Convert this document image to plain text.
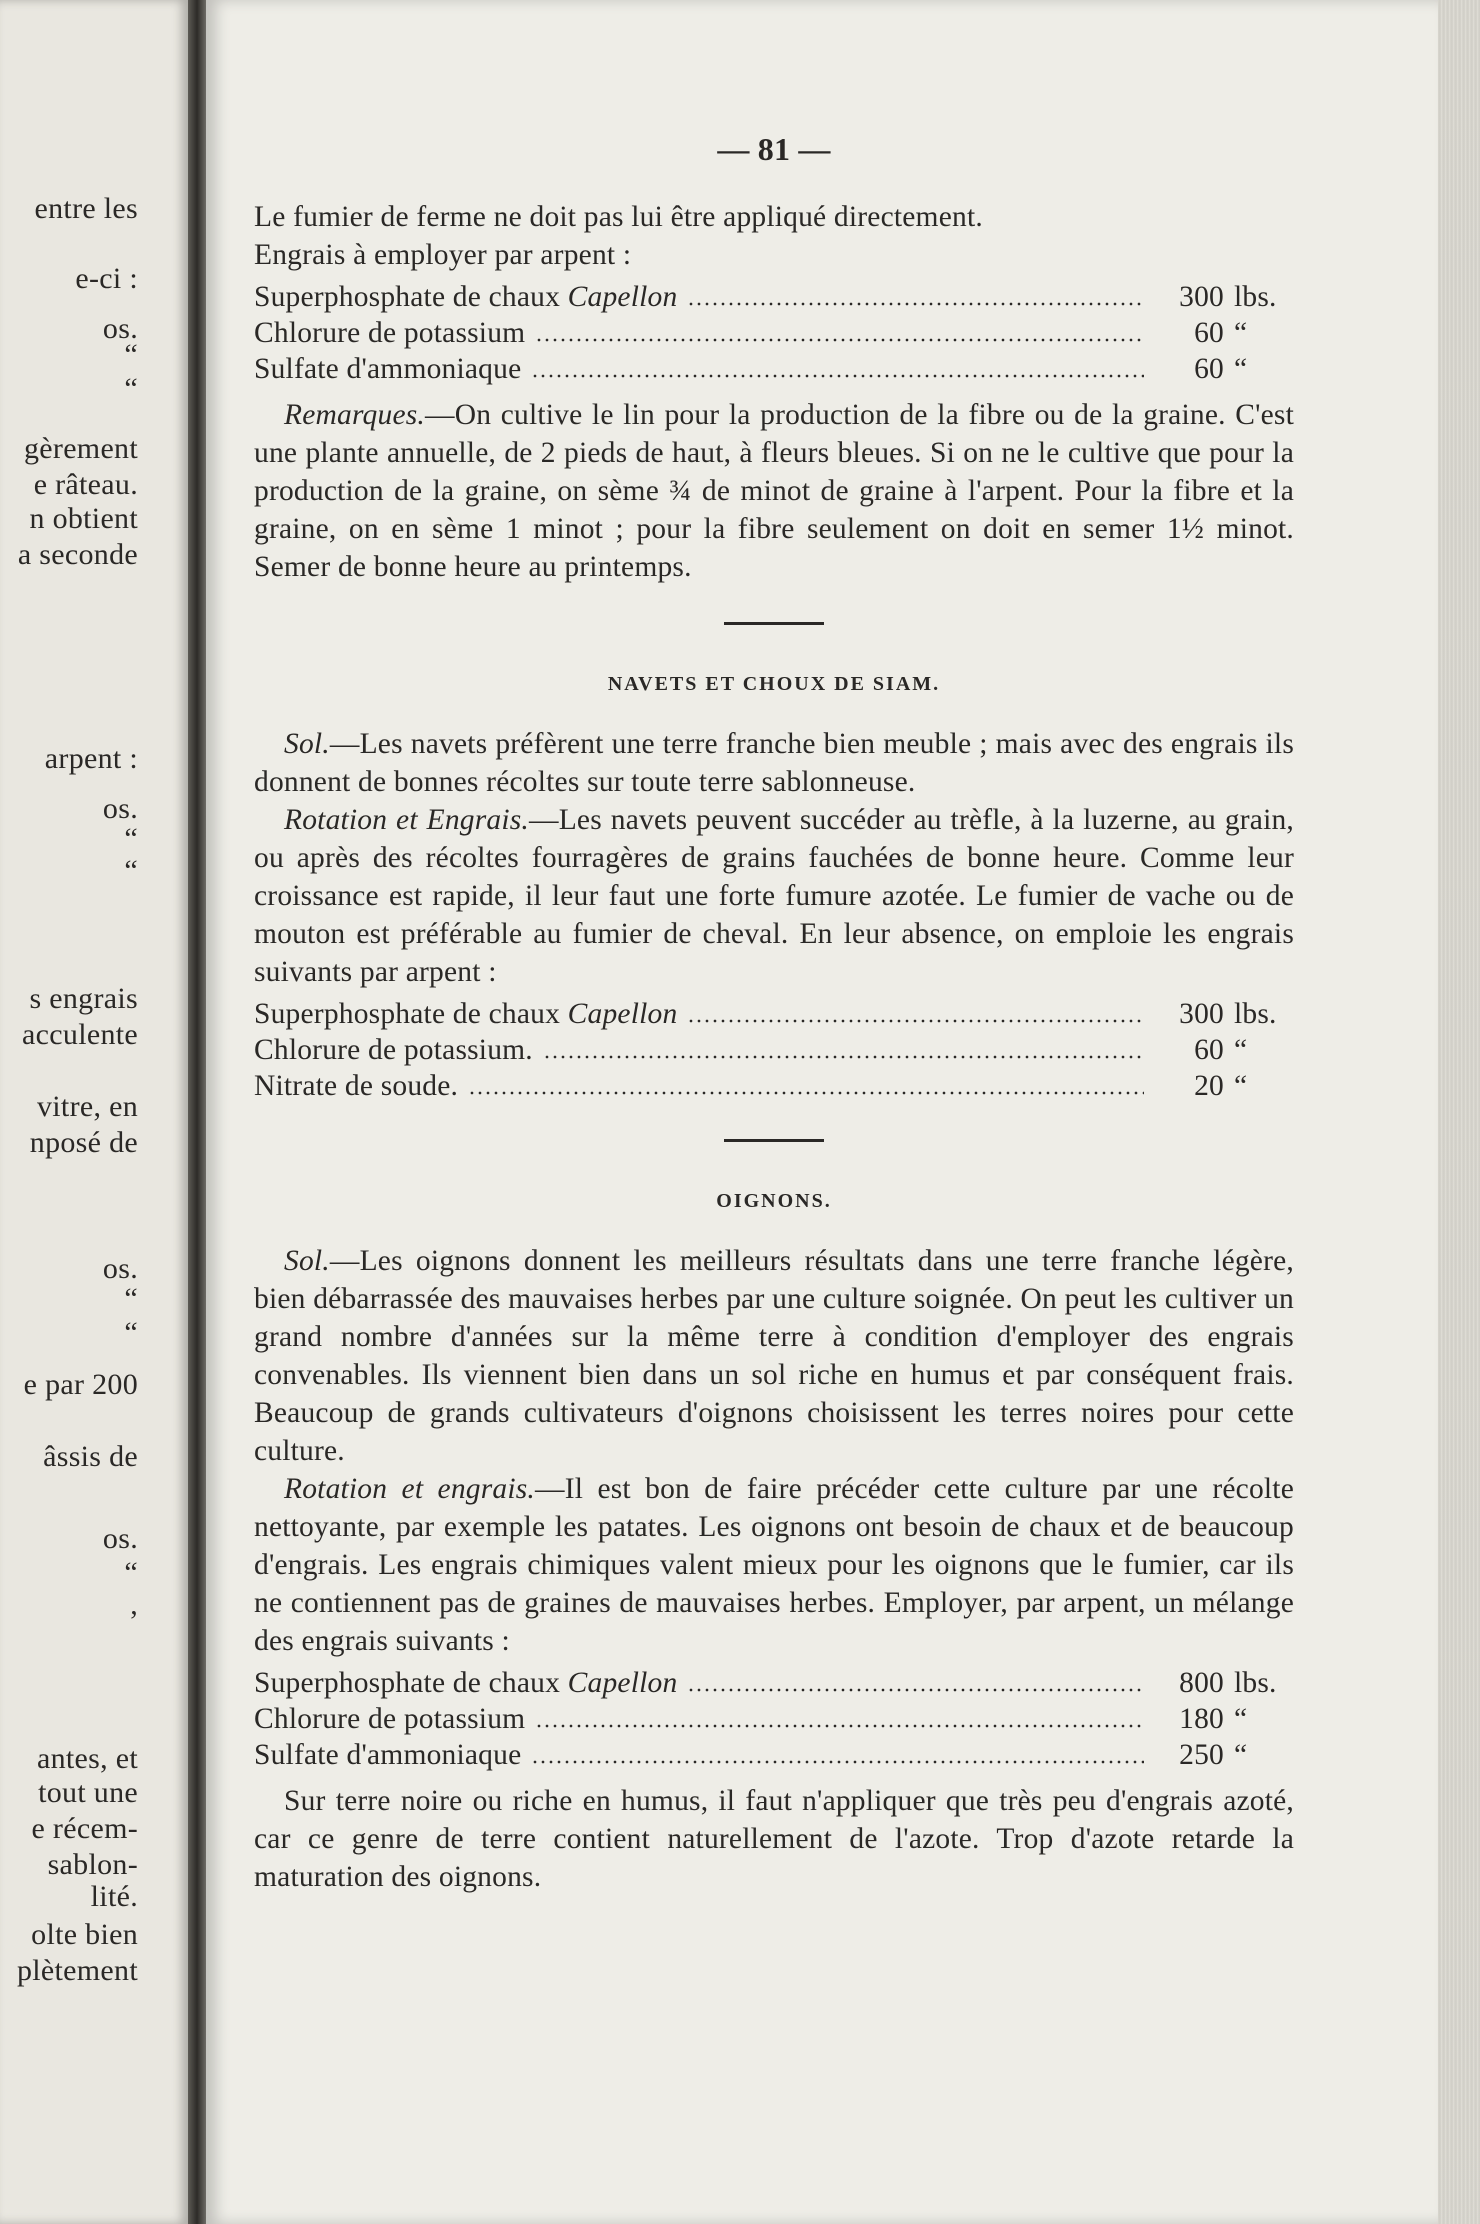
entre les

e-ci :

os.

“

“

gèrement

e râteau.

n obtient

a seconde

arpent :

os.

“

“

s engrais

acculente

vitre, en

nposé de

os.

“

“

e par 200

âssis de

os.

“

,

antes, et

tout une

e récem-

sablon-

lité.

olte bien

plètement

— 81 —

Le fumier de ferme ne doit pas lui être appliqué directement.

Engrais à employer par arpent :

Superphosphate de chaux Capellon	300 lbs.
Chlorure de potassium	60 “
Sulfate d'ammoniaque	60 “

Remarques.—On cultive le lin pour la production de la fibre ou de la graine. C'est une plante annuelle, de 2 pieds de haut, à fleurs bleues. Si on ne le cultive que pour la production de la graine, on sème ¾ de minot de graine à l'arpent. Pour la fibre et la graine, on en sème 1 minot ; pour la fibre seulement on doit en semer 1½ minot. Semer de bonne heure au printemps.

NAVETS ET CHOUX DE SIAM.

Sol.—Les navets préfèrent une terre franche bien meuble ; mais avec des engrais ils donnent de bonnes récoltes sur toute terre sablonneuse.

Rotation et Engrais.—Les navets peuvent succéder au trèfle, à la luzerne, au grain, ou après des récoltes fourragères de grains fauchées de bonne heure. Comme leur croissance est rapide, il leur faut une forte fumure azotée. Le fumier de vache ou de mouton est préférable au fumier de cheval. En leur absence, on emploie les engrais suivants par arpent :

Superphosphate de chaux Capellon	300 lbs.
Chlorure de potassium.	60 “
Nitrate de soude.	20 “
OIGNONS.

Sol.—Les oignons donnent les meilleurs résultats dans une terre franche légère, bien débarrassée des mauvaises herbes par une culture soignée. On peut les cultiver un grand nombre d'années sur la même terre à condition d'employer des engrais convenables. Ils viennent bien dans un sol riche en humus et par conséquent frais. Beaucoup de grands cultivateurs d'oignons choisissent les terres noires pour cette culture.

Rotation et engrais.—Il est bon de faire précéder cette culture par une récolte nettoyante, par exemple les patates. Les oignons ont besoin de chaux et de beaucoup d'engrais. Les engrais chimiques valent mieux pour les oignons que le fumier, car ils ne contiennent pas de graines de mauvaises herbes. Employer, par arpent, un mélange des engrais suivants :

Superphosphate de chaux Capellon	800 lbs.
Chlorure de potassium	180 “
Sulfate d'ammoniaque	250 “

Sur terre noire ou riche en humus, il faut n'appliquer que très peu d'engrais azoté, car ce genre de terre contient naturellement de l'azote. Trop d'azote retarde la maturation des oignons.
